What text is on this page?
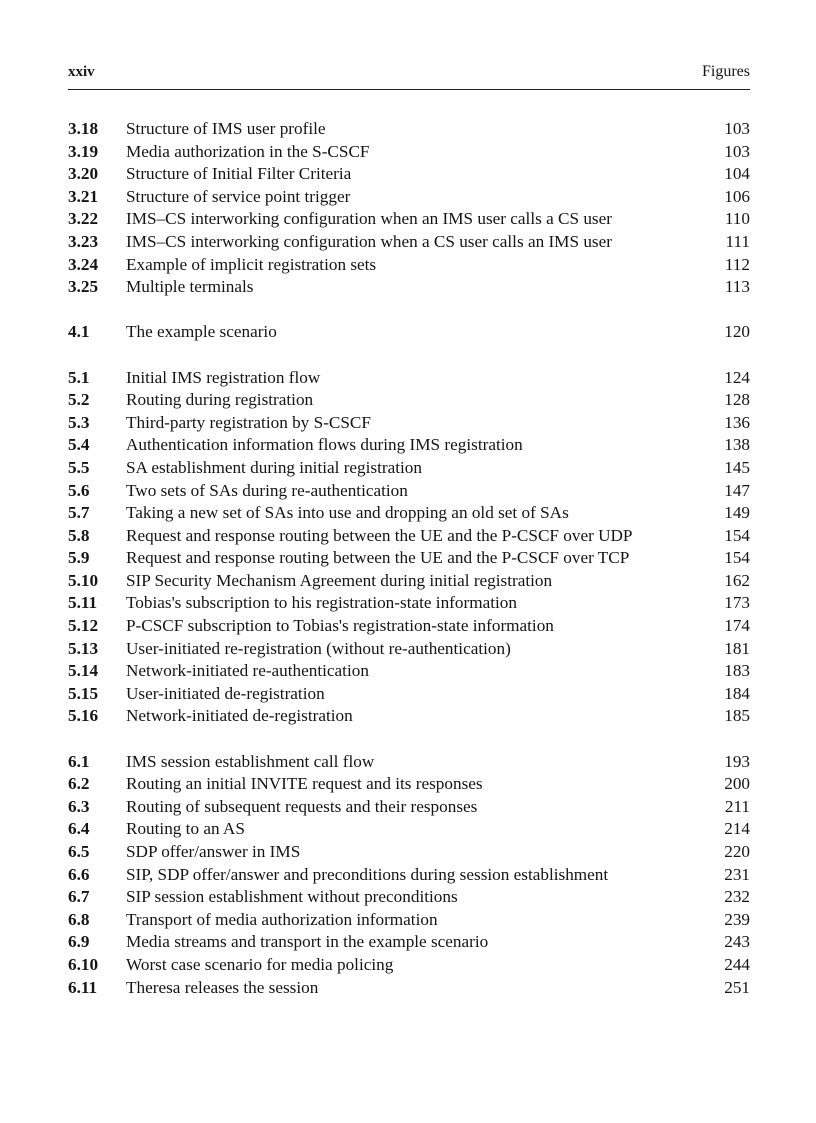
xxiv	Figures
3.18	Structure of IMS user profile	103
3.19	Media authorization in the S-CSCF	103
3.20	Structure of Initial Filter Criteria	104
3.21	Structure of service point trigger	106
3.22	IMS–CS interworking configuration when an IMS user calls a CS user	110
3.23	IMS–CS interworking configuration when a CS user calls an IMS user	111
3.24	Example of implicit registration sets	112
3.25	Multiple terminals	113
4.1	The example scenario	120
5.1	Initial IMS registration flow	124
5.2	Routing during registration	128
5.3	Third-party registration by S-CSCF	136
5.4	Authentication information flows during IMS registration	138
5.5	SA establishment during initial registration	145
5.6	Two sets of SAs during re-authentication	147
5.7	Taking a new set of SAs into use and dropping an old set of SAs	149
5.8	Request and response routing between the UE and the P-CSCF over UDP	154
5.9	Request and response routing between the UE and the P-CSCF over TCP	154
5.10	SIP Security Mechanism Agreement during initial registration	162
5.11	Tobias's subscription to his registration-state information	173
5.12	P-CSCF subscription to Tobias's registration-state information	174
5.13	User-initiated re-registration (without re-authentication)	181
5.14	Network-initiated re-authentication	183
5.15	User-initiated de-registration	184
5.16	Network-initiated de-registration	185
6.1	IMS session establishment call flow	193
6.2	Routing an initial INVITE request and its responses	200
6.3	Routing of subsequent requests and their responses	211
6.4	Routing to an AS	214
6.5	SDP offer/answer in IMS	220
6.6	SIP, SDP offer/answer and preconditions during session establishment	231
6.7	SIP session establishment without preconditions	232
6.8	Transport of media authorization information	239
6.9	Media streams and transport in the example scenario	243
6.10	Worst case scenario for media policing	244
6.11	Theresa releases the session	251
